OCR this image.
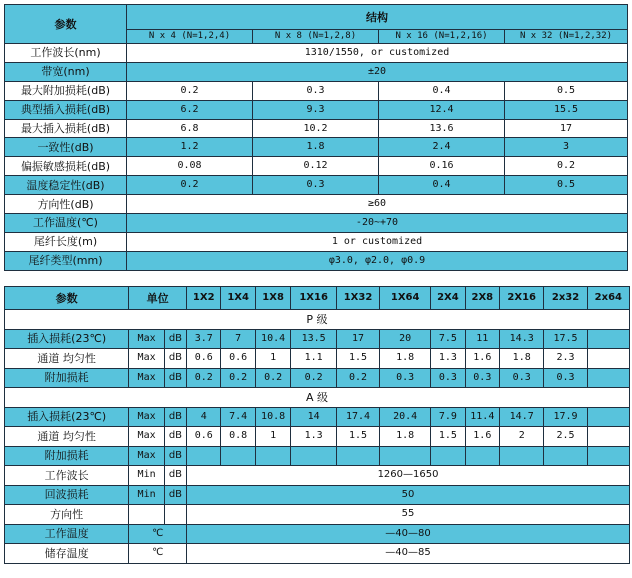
参数	结构			
	N x 4 (N=1,2,4)	N x 8 (N=1,2,8)	N x 16 (N=1,2,16)	N x 32 (N=1,2,32)
工作波长(nm)	1310/1550, or customized			
带宽(nm)	±20			
最大附加损耗(dB)	0.2	0.3	0.4	0.5
典型插入损耗(dB)	6.2	9.3	12.4	15.5
最大插入损耗(dB)	6.8	10.2	13.6	17
一致性(dB)	1.2	1.8	2.4	3
偏振敏感损耗(dB)	0.08	0.12	0.16	0.2
温度稳定性(dB)	0.2	0.3	0.4	0.5
方向性(dB)	≥60			
工作温度(℃)	-20~+70			
尾纤长度(m)	1 or customized			
尾纤类型(mm)	φ3.0, φ2.0, φ0.9			
参数	单位		1X2	1X4	1X8	1X16	1X32	1X64	2X4	2X8	2X16	2x32	2x64
P 级													
插入损耗(23℃)	Max	dB	3.7	7	10.4	13.5	17	20	7.5	11	14.3	17.5	
通道 均匀性	Max	dB	0.6	0.6	1	1.1	1.5	1.8	1.3	1.6	1.8	2.3	
附加损耗	Max	dB	0.2	0.2	0.2	0.2	0.2	0.3	0.3	0.3	0.3	0.3	
A 级													
插入损耗(23℃)	Max	dB	4	7.4	10.8	14	17.4	20.4	7.9	11.4	14.7	17.9	
通道 均匀性	Max	dB	0.6	0.8	1	1.3	1.5	1.8	1.5	1.6	2	2.5	
附加损耗	Max	dB											
工作波长	Min	dB	1260—1650										
回波损耗	Min	dB	50										
方向性			55										
工作温度	℃		—40—80										
储存温度	℃		—40—85										
